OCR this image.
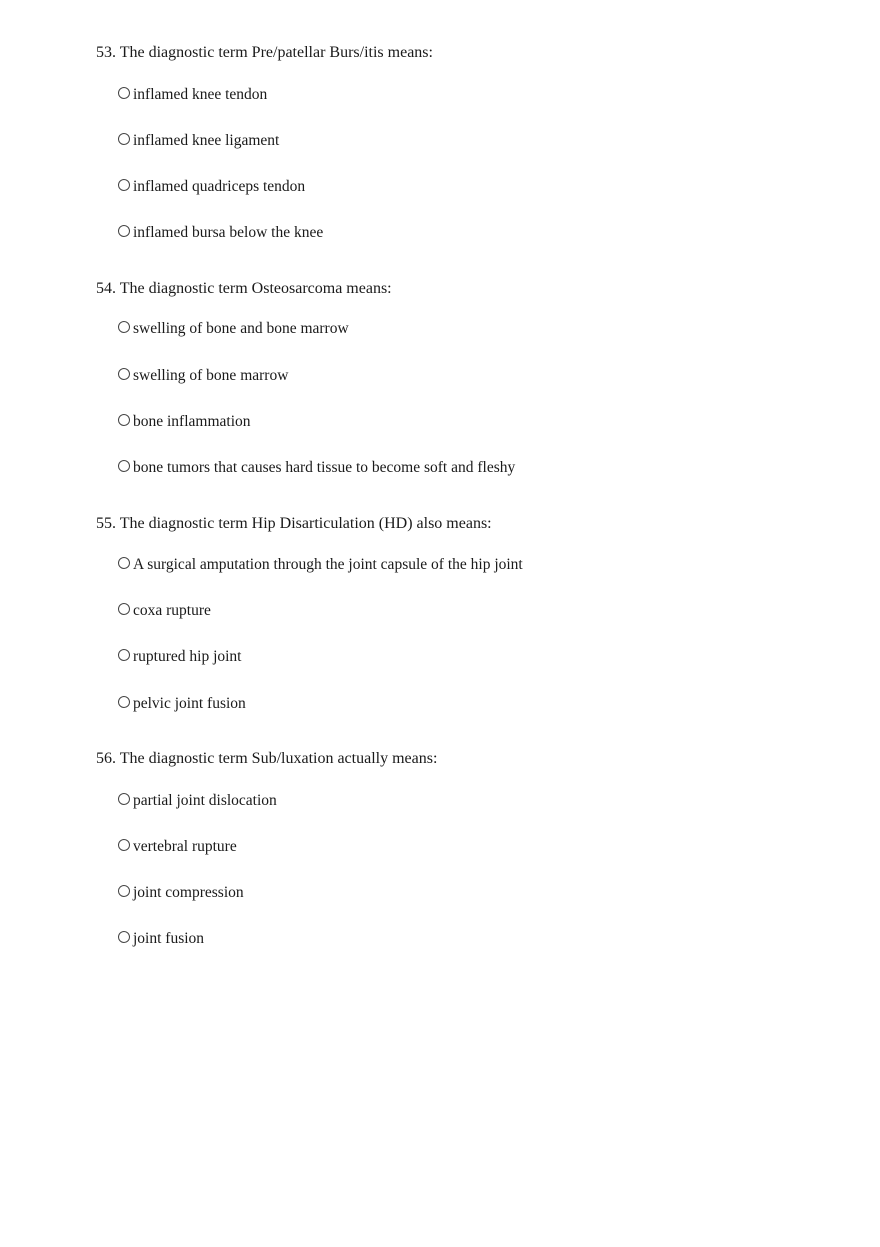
53. The diagnostic term Pre/patellar Burs/itis means:

inflamed knee tendon
inflamed knee ligament
inflamed quadriceps tendon
inflamed bursa below the knee

54. The diagnostic term Osteosarcoma means:

swelling of bone and bone marrow
swelling of bone marrow
bone inflammation
bone tumors that causes hard tissue to become soft and fleshy

55. The diagnostic term Hip Disarticulation (HD) also means:

A surgical amputation through the joint capsule of the hip joint
coxa rupture
ruptured hip joint
pelvic joint fusion

56. The diagnostic term Sub/luxation actually means:

partial joint dislocation
vertebral rupture
joint compression
joint fusion
